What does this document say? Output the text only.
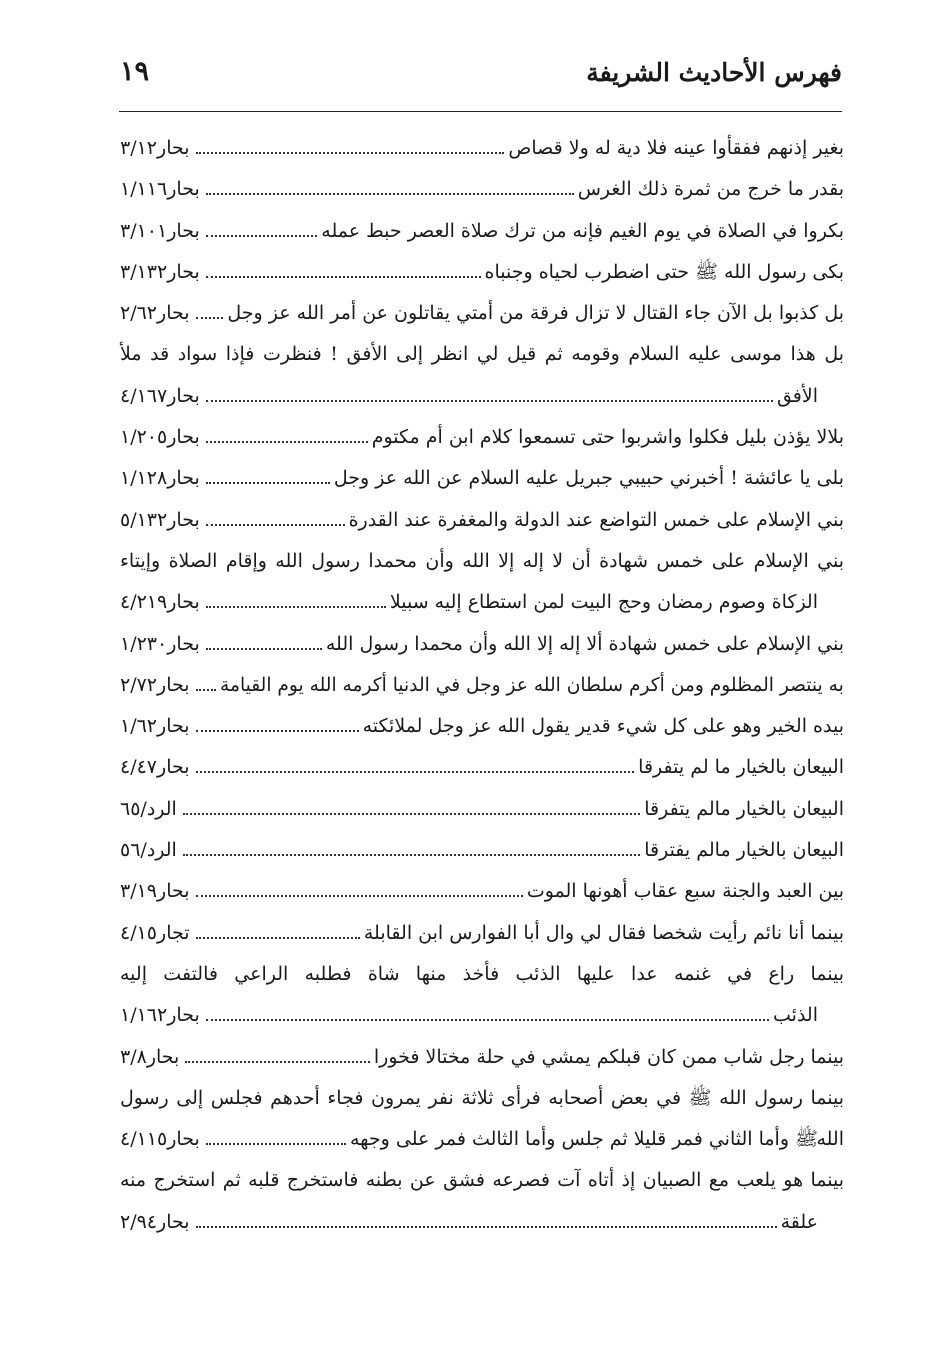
فهرس الأحاديث الشريفة
١٩
بغير إذنهم ففقأوا عينه فلا دية له ولا قصاص
بحار٣/١٢
بقدر ما خرج من ثمرة ذلك الغرس
بحار١/١١٦
بكروا في الصلاة في يوم الغيم فإنه من ترك صلاة العصر حبط عمله
بحار٣/١٠١
بكى رسول الله ﷺ حتى اضطرب لحياه وجنباه
بحار٣/١٣٢
بل كذبوا بل الآن جاء القتال لا تزال فرقة من أمتي يقاتلون عن أمر الله عز وجل
بحار٢/٦٢
بل هذا موسى عليه السلام وقومه ثم قيل لي انظر إلى الأفق ! فنظرت فإذا سواد قد ملأ
الأفق
بحار٤/١٦٧
بلالا يؤذن بليل فكلوا واشربوا حتى تسمعوا كلام ابن أم مكتوم
بحار١/٢٠٥
بلى يا عائشة ! أخبرني حبيبي جبريل عليه السلام عن الله عز وجل
بحار١/١٢٨
بني الإسلام على خمس التواضع عند الدولة والمغفرة عند القدرة
بحار٥/١٣٢
بني الإسلام على خمس شهادة أن لا إله إلا الله وأن محمدا رسول الله وإقام الصلاة وإيتاء
الزكاة وصوم رمضان وحج البيت لمن استطاع إليه سبيلا
بحار٤/٢١٩
بني الإسلام على خمس شهادة ألا إله إلا الله وأن محمدا رسول الله
بحار١/٢٣٠
به ينتصر المظلوم ومن أكرم سلطان الله عز وجل في الدنيا أكرمه الله يوم القيامة
بحار٢/٧٢
بيده الخير وهو على كل شيء قدير يقول الله عز وجل لملائكته
بحار١/٦٢
البيعان بالخيار ما لم يتفرقا
بحار٤/٤٧
البيعان بالخيار مالم يتفرقا
الرد/٦٥
البيعان بالخيار مالم يفترقا
الرد/٥٦
بين العبد والجنة سبع عقاب أهونها الموت
بحار٣/١٩
بينما أنا نائم رأيت شخصا فقال لي وال أبا الفوارس ابن القابلة
تجار٤/١٥
بينما راع في غنمه عدا عليها الذئب فأخذ منها شاة فطلبه الراعي فالتفت إليه
الذئب
بحار١/١٦٢
بينما رجل شاب ممن كان قبلكم يمشي في حلة مختالا فخورا
بحار٣/٨
بينما رسول الله ﷺ في بعض أصحابه فرأى ثلاثة نفر يمرون فجاء أحدهم فجلس إلى رسول الله
ﷺ وأما الثاني فمر قليلا ثم جلس وأما الثالث فمر على وجهه
بحار٤/١١٥
بينما هو يلعب مع الصبيان إذ أتاه آت فصرعه فشق عن بطنه فاستخرج قلبه ثم استخرج منه
علقة
بحار٢/٩٤
